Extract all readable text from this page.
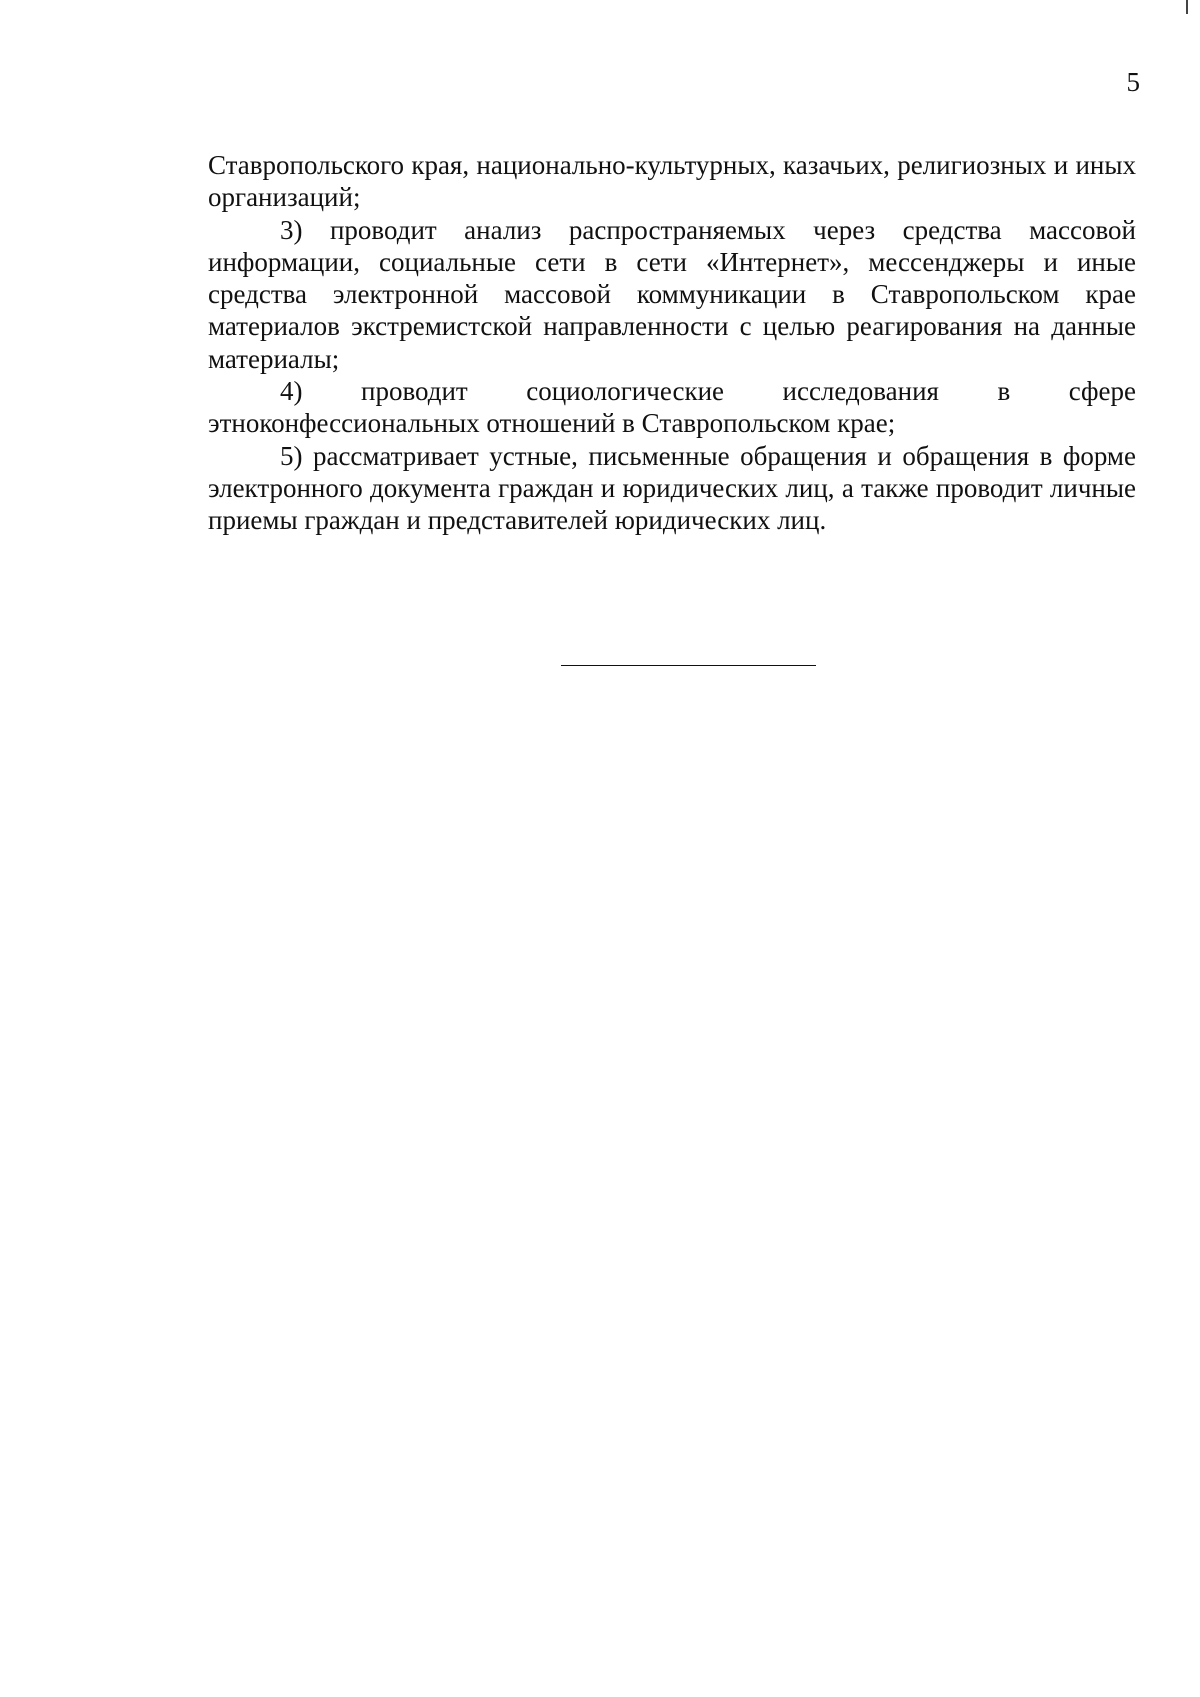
5

Ставропольского края, национально-культурных, казачьих, религиозных и иных организаций;

3) проводит анализ распространяемых через средства массовой информации, социальные сети в сети «Интернет», мессенджеры и иные средства электронной массовой коммуникации в Ставропольском крае материалов экстремистской направленности с целью реагирования на данные материалы;

4) проводит социологические исследования в сфере

этноконфессиональных отношений в Ставропольском крае;

5) рассматривает устные, письменные обращения и обращения в форме электронного документа граждан и юридических лиц, а также проводит личные приемы граждан и представителей юридических лиц.
